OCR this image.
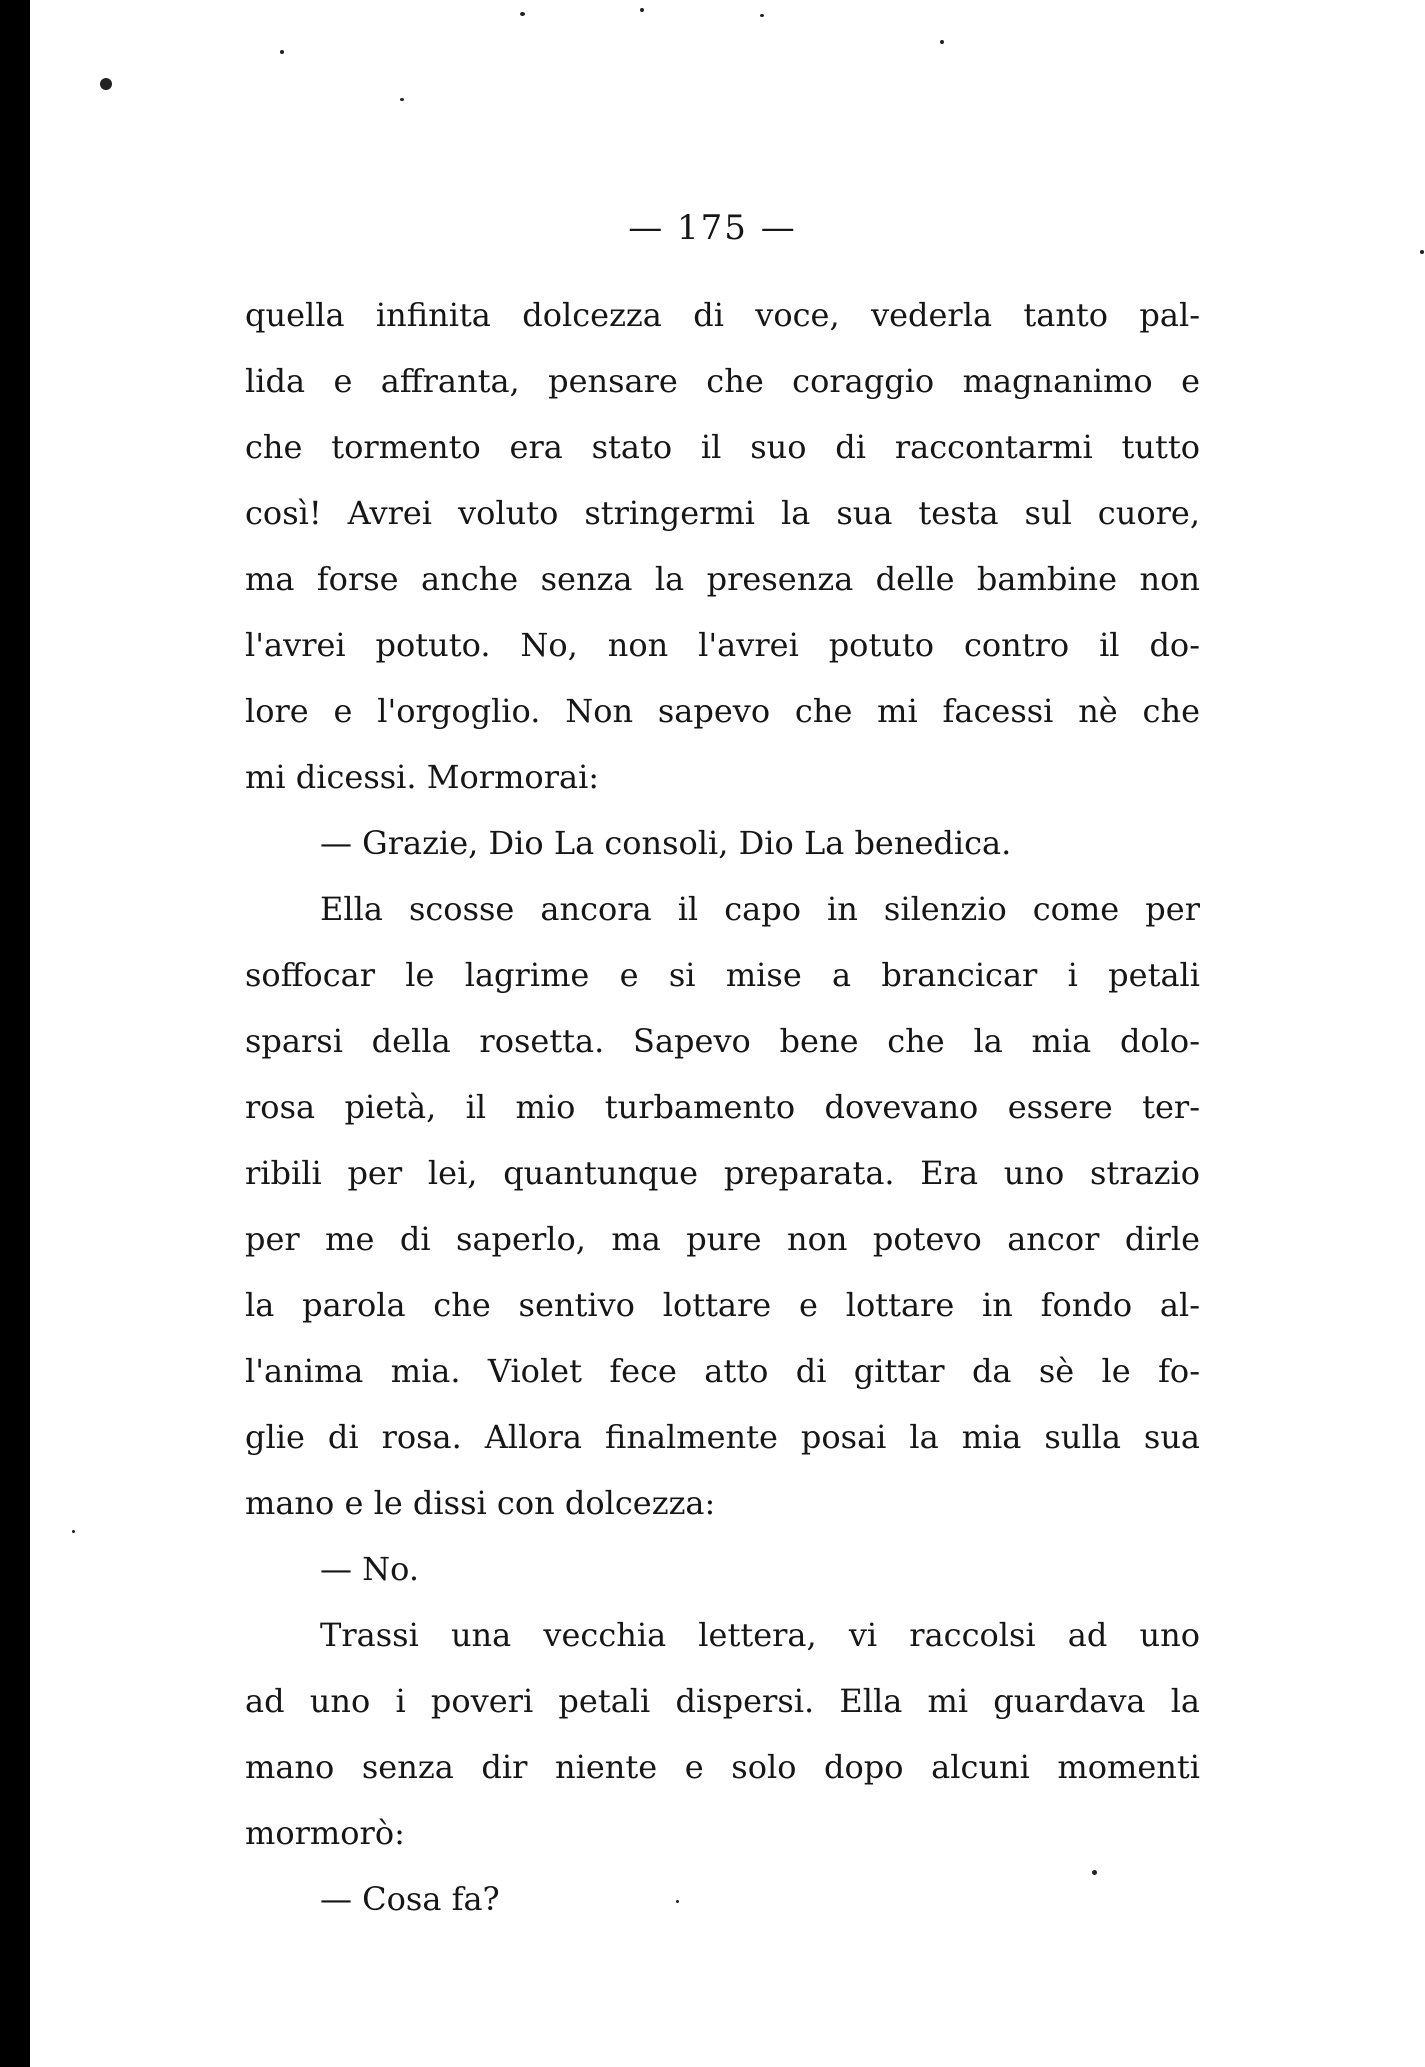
— 175 —
quella infinita dolcezza di voce, vederla tanto pal-
lida e affranta, pensare che coraggio magnanimo e
che tormento era stato il suo di raccontarmi tutto
così! Avrei voluto stringermi la sua testa sul cuore,
ma forse anche senza la presenza delle bambine non
l'avrei potuto. No, non l'avrei potuto contro il do-
lore e l'orgoglio. Non sapevo che mi facessi nè che
mi dicessi. Mormorai:
— Grazie, Dio La consoli, Dio La benedica.
Ella scosse ancora il capo in silenzio come per
soffocar le lagrime e si mise a brancicar i petali
sparsi della rosetta. Sapevo bene che la mia dolo-
rosa pietà, il mio turbamento dovevano essere ter-
ribili per lei, quantunque preparata. Era uno strazio
per me di saperlo, ma pure non potevo ancor dirle
la parola che sentivo lottare e lottare in fondo al-
l'anima mia. Violet fece atto di gittar da sè le fo-
glie di rosa. Allora finalmente posai la mia sulla sua
mano e le dissi con dolcezza:
— No.
Trassi una vecchia lettera, vi raccolsi ad uno
ad uno i poveri petali dispersi. Ella mi guardava la
mano senza dir niente e solo dopo alcuni momenti
mormorò:
— Cosa fa?
